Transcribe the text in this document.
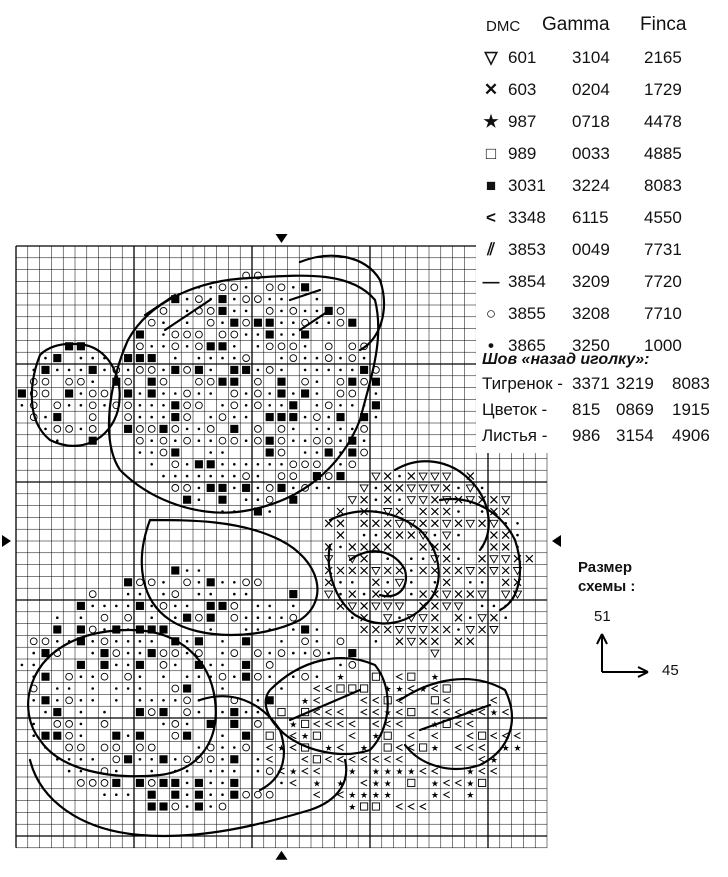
★	★
★ ★ ★
★
★	★
★	★
★	★
★	★	★	★	★ ★
★
★	★ ★ ★ ★ ★	★
★ ★	★ ★	★	★
★ ★ ★ ★	★	★
★
DMC Gamma Finca
▽ 601 3104 2165
✕ 603 0204 1729
★ 987 0718 4478
□ 989 0033 4885
■ 3031 3224 8083
< 3348 6115 4550
⫽ 3853 0049 7731
— 3854 3209 7720
○ 3855 3208 7710
• 3865 3250 1000
Шов «назад иголку»:
Тигренок - 3371 3219 8083
Цветок - 815 0869 1915
Листья - 986 3154 4906
Размер
схемы :
51
45
